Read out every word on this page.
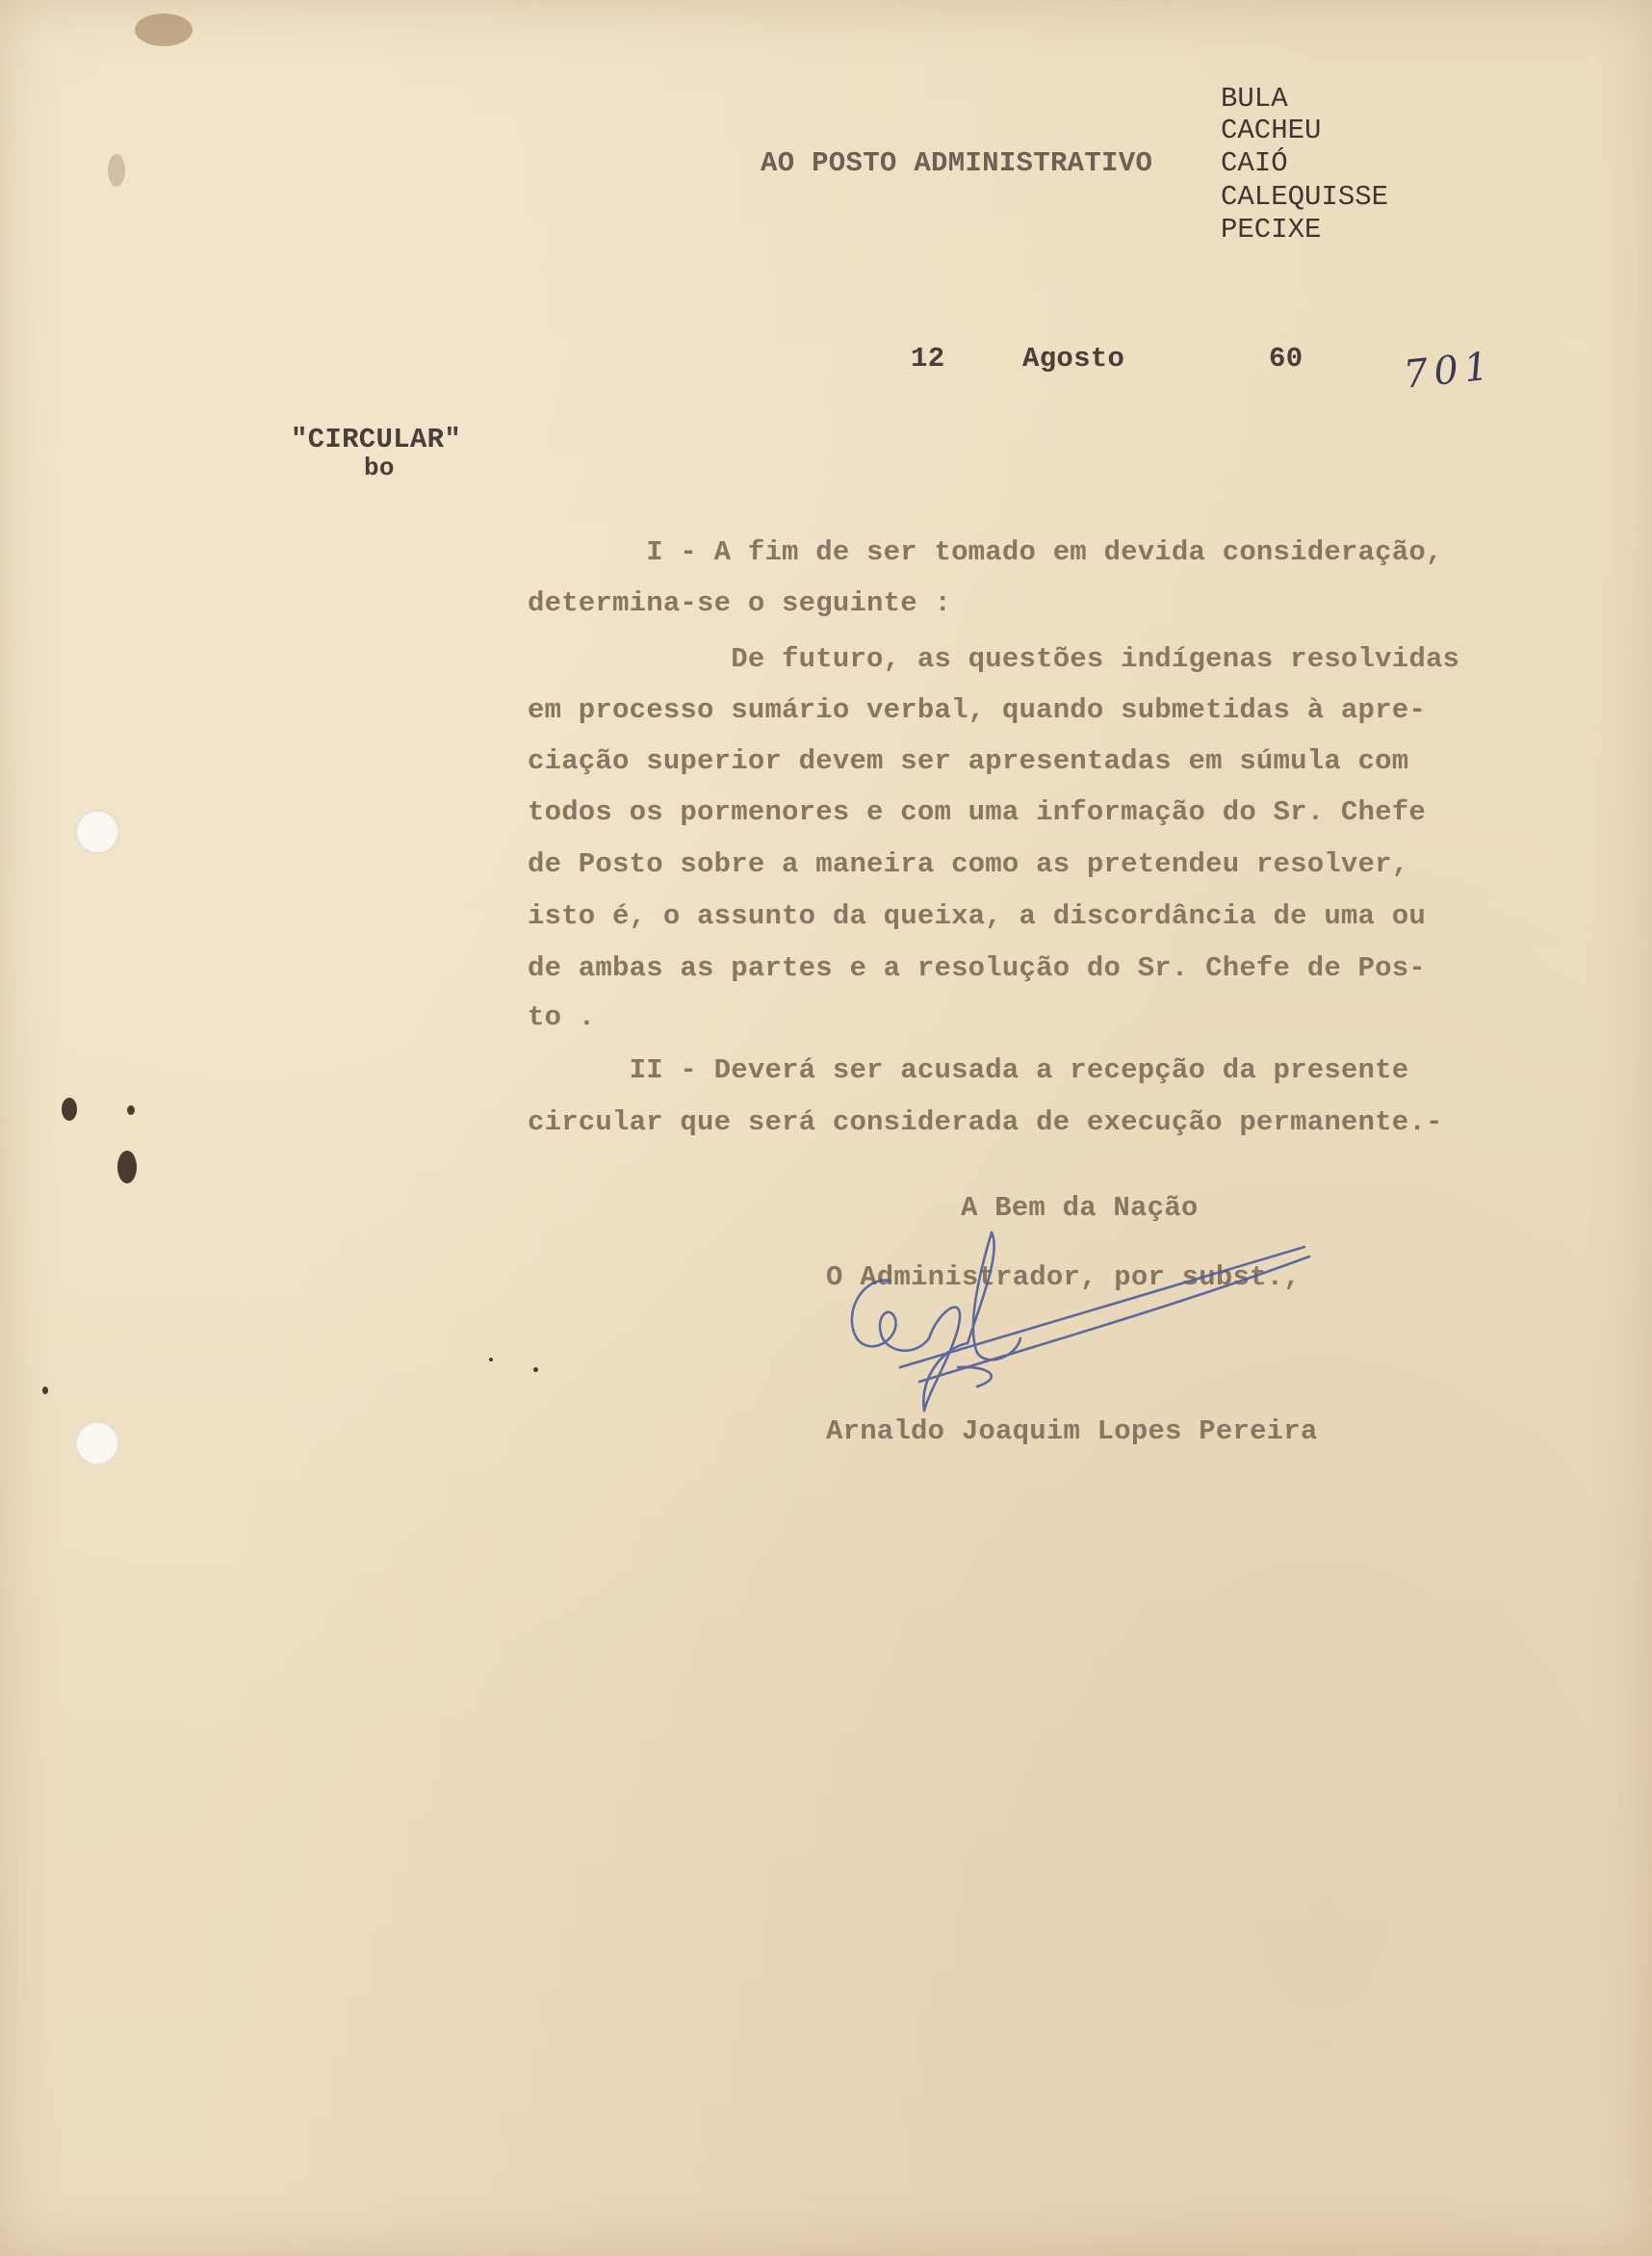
AO POSTO ADMINISTRATIVO
BULA
CACHEU
CAIÓ
CALEQUISSE
PECIXE
12	Agosto	60	701
"CIRCULAR"
bo
I - A fim de ser tomado em devida consideração,
determina-se o seguinte :
De futuro, as questões indígenas resolvidas
em processo sumário verbal, quando submetidas à apre-
ciação superior devem ser apresentadas em súmula com
todos os pormenores e com uma informação do Sr. Chefe
de Posto sobre a maneira como as pretendeu resolver,
isto é, o assunto da queixa, a discordância de uma ou
de ambas as partes e a resolução do Sr. Chefe de Pos-
to .
II - Deverá ser acusada a recepção da presente
circular que será considerada de execução permanente.-
A Bem da Nação
O Administrador, por subst.,
Arnaldo Joaquim Lopes Pereira
